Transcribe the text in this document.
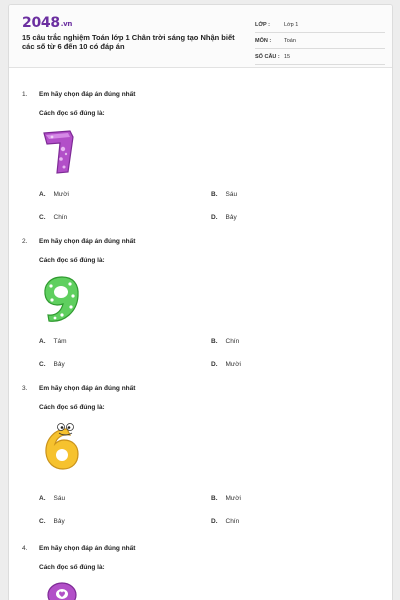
2048.vn
15 câu trắc nghiệm Toán lớp 1 Chân trời sáng tạo Nhận biết các số từ 6 đến 10 có đáp án
LỚP :	Lớp 1
MÔN :	Toán
SỐ CÂU : 15
1. Em hãy chọn đáp án đúng nhất
Cách đọc số đúng là:
A. Mười	B. Sáu
C. Chín	D. Bảy
2. Em hãy chọn đáp án đúng nhất
Cách đọc số đúng là:
A. Tám	B. Chín
C. Bảy	D. Mười
3. Em hãy chọn đáp án đúng nhất
Cách đọc số đúng là:
A. Sáu	B. Mười
C. Bảy	D. Chín
4. Em hãy chọn đáp án đúng nhất
Cách đọc số đúng là:
